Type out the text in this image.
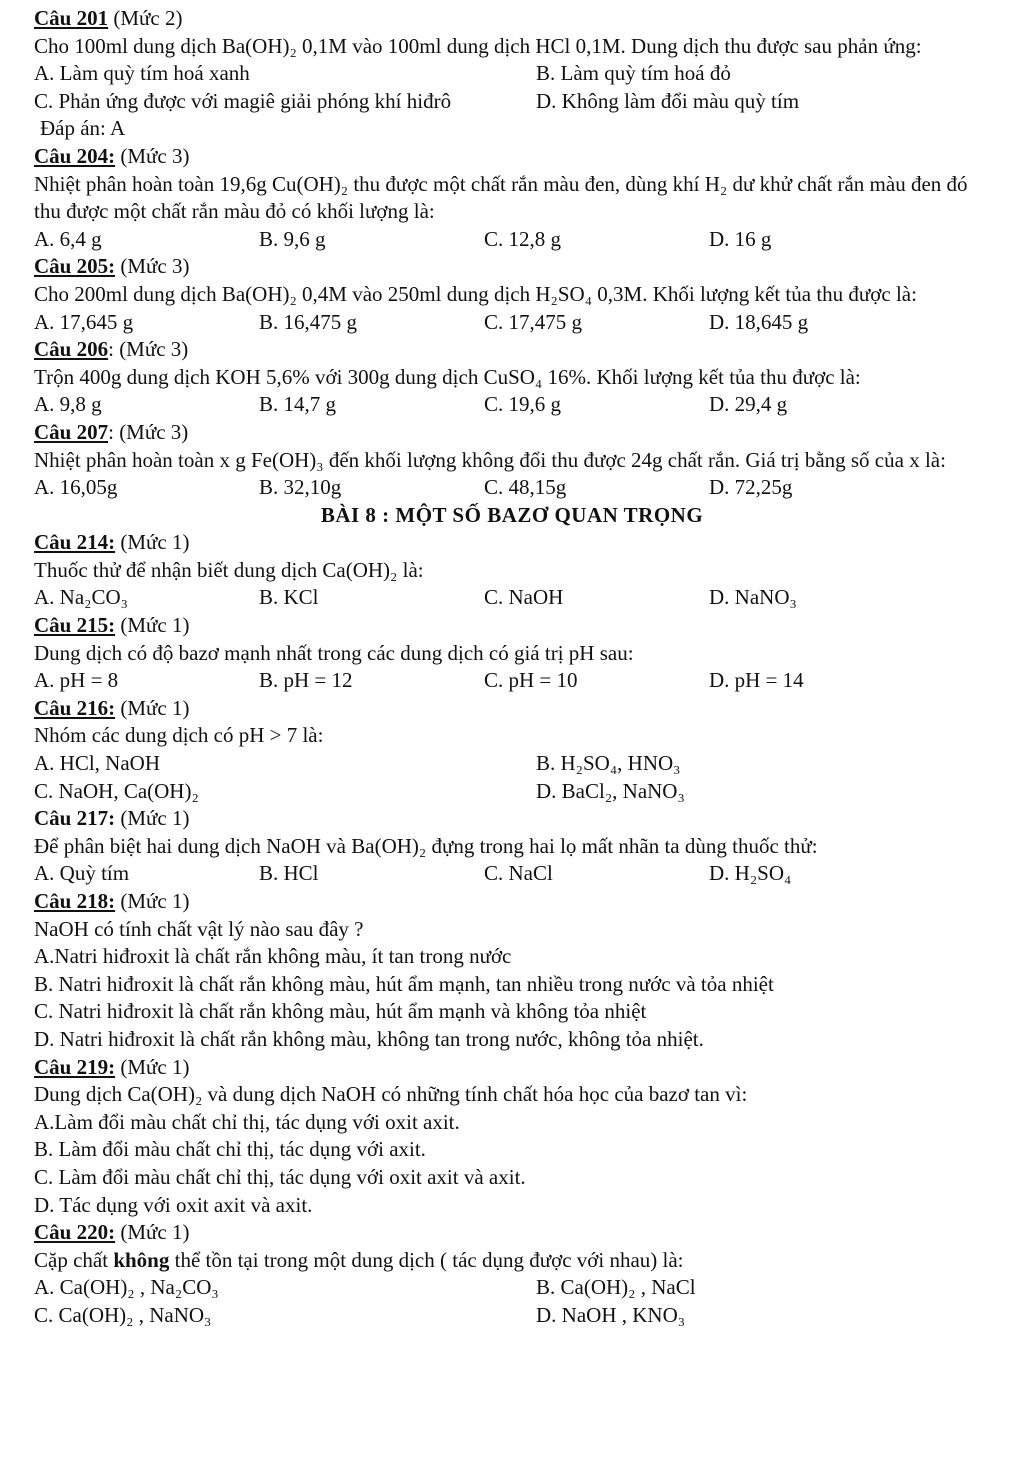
Câu 201 (Mức 2)
Cho 100ml dung dịch Ba(OH)₂ 0,1M vào 100ml dung dịch HCl 0,1M. Dung dịch thu được sau phản ứng:
A. Làm quỳ tím hoá xanh	B. Làm quỳ tím hoá đỏ
C. Phản ứng được với magiê giải phóng khí hiđrô	D. Không làm đổi màu quỳ tím
Đáp án: A
Câu 204: (Mức 3)
Nhiệt phân hoàn toàn 19,6g Cu(OH)₂ thu được một chất rắn màu đen, dùng khí H₂ dư khử chất rắn màu đen đó thu được một chất rắn màu đỏ có khối lượng là:
A. 6,4 g	B. 9,6 g	C. 12,8 g	D. 16 g
Câu 205: (Mức 3)
Cho 200ml dung dịch Ba(OH)₂ 0,4M vào 250ml dung dịch H₂SO₄ 0,3M. Khối lượng kết tủa thu được là:
A. 17,645 g	B. 16,475 g	C. 17,475 g	D. 18,645 g
Câu 206: (Mức 3)
Trộn 400g dung dịch KOH 5,6% với 300g dung dịch CuSO₄ 16%. Khối lượng kết tủa thu được là:
A. 9,8 g	B. 14,7 g	C. 19,6 g	D. 29,4 g
Câu 207: (Mức 3)
Nhiệt phân hoàn toàn x g Fe(OH)₃ đến khối lượng không đổi thu được 24g chất rắn. Giá trị bằng số của x là:
A. 16,05g	B. 32,10g	C. 48,15g	D. 72,25g
BÀI 8 : MỘT SỐ BAZƠ QUAN TRỌNG
Câu 214: (Mức 1)
Thuốc thử để nhận biết dung dịch Ca(OH)₂ là:
A. Na₂CO₃	B. KCl	C. NaOH	D. NaNO₃
Câu 215: (Mức 1)
Dung dịch có độ bazơ mạnh nhất trong các dung dịch có giá trị pH sau:
A. pH = 8	B. pH = 12	C. pH = 10	D. pH = 14
Câu 216: (Mức 1)
Nhóm các dung dịch có pH > 7 là:
A. HCl, NaOH	B. H₂SO₄, HNO₃
C. NaOH, Ca(OH)₂	D. BaCl₂, NaNO₃
Câu 217: (Mức 1)
Để phân biệt hai dung dịch NaOH và Ba(OH)₂ đựng trong hai lọ mất nhãn ta dùng thuốc thử:
A. Quỳ tím	B. HCl	C. NaCl	D. H₂SO₄
Câu 218: (Mức 1)
NaOH có tính chất vật lý nào sau đây ?
A.Natri hiđroxit là chất rắn không màu, ít tan trong nước
B. Natri hiđroxit là chất rắn không màu, hút ẩm mạnh, tan nhiều trong nước và tỏa nhiệt
C. Natri hiđroxit là chất rắn không màu, hút ẩm mạnh và không tỏa nhiệt
D. Natri hiđroxit là chất rắn không màu, không tan trong nước, không tỏa nhiệt.
Câu 219: (Mức 1)
Dung dịch Ca(OH)₂ và dung dịch NaOH có những tính chất hóa học của bazơ tan vì:
A.Làm đổi màu chất chỉ thị, tác dụng với oxit axit.
B. Làm đổi màu chất chỉ thị, tác dụng với axit.
C. Làm đổi màu chất chỉ thị, tác dụng với oxit axit và axit.
D. Tác dụng với oxit axit và axit.
Câu 220: (Mức 1)
Cặp chất không thể tồn tại trong một dung dịch ( tác dụng được với nhau) là:
A. Ca(OH)₂ , Na₂CO₃	B. Ca(OH)₂ , NaCl
C. Ca(OH)₂ , NaNO₃	D. NaOH , KNO₃
